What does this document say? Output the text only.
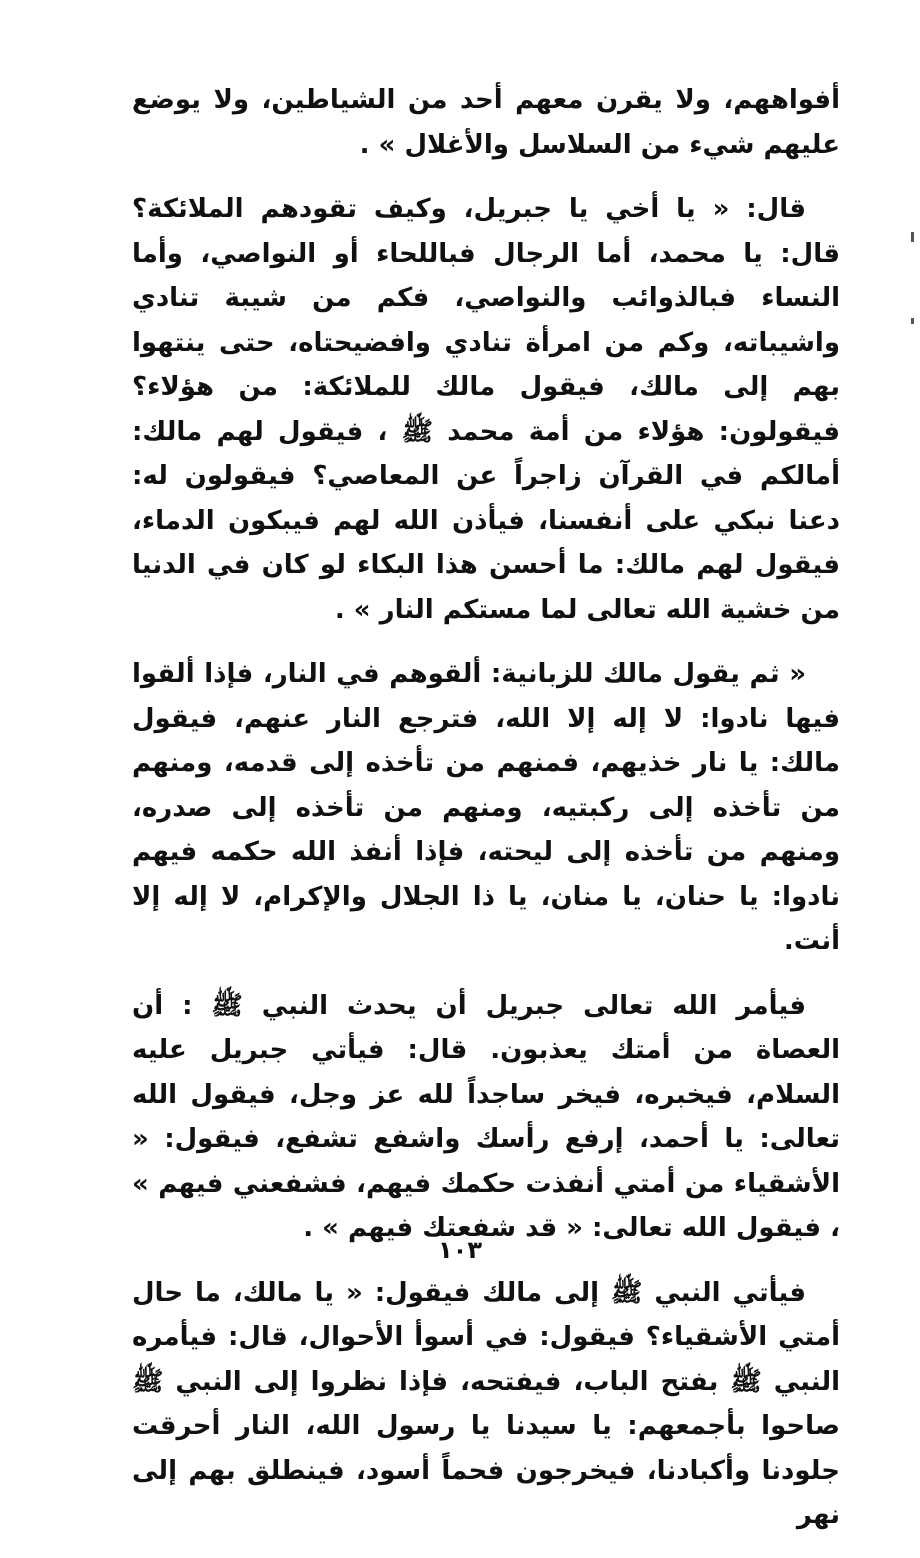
أفواههم، ولا يقرن معهم أحد من الشياطين، ولا يوضع عليهم شيء من السلاسل والأغلال » .

قال: « يا أخي يا جبريل، وكيف تقودهم الملائكة؟ قال: يا محمد، أما الرجال فباللحاء أو النواصي، وأما النساء فبالذوائب والنواصي، فكم من شيبة تنادي واشيباته، وكم من امرأة تنادي وافضيحتاه، حتى ينتهوا بهم إلى مالك، فيقول مالك للملائكة: من هؤلاء؟ فيقولون: هؤلاء من أمة محمد ﷺ ، فيقول لهم مالك: أمالكم في القرآن زاجراً عن المعاصي؟ فيقولون له: دعنا نبكي على أنفسنا، فيأذن الله لهم فيبكون الدماء، فيقول لهم مالك: ما أحسن هذا البكاء لو كان في الدنيا من خشية الله تعالى لما مستكم النار » .

« ثم يقول مالك للزبانية: ألقوهم في النار، فإذا ألقوا فيها نادوا: لا إله إلا الله، فترجع النار عنهم، فيقول مالك: يا نار خذيهم، فمنهم من تأخذه إلى قدمه، ومنهم من تأخذه إلى ركبتيه، ومنهم من تأخذه إلى صدره، ومنهم من تأخذه إلى ليحته، فإذا أنفذ الله حكمه فيهم نادوا: يا حنان، يا منان، يا ذا الجلال والإكرام، لا إله إلا أنت.

فيأمر الله تعالى جبريل أن يحدث النبي ﷺ : أن العصاة من أمتك يعذبون. قال: فيأتي جبريل عليه السلام، فيخبره، فيخر ساجداً لله عز وجل، فيقول الله تعالى: يا أحمد، إرفع رأسك واشفع تشفع، فيقول: « الأشقياء من أمتي أنفذت حكمك فيهم، فشفعني فيهم » ، فيقول الله تعالى: « قد شفعتك فيهم » .

فيأتي النبي ﷺ إلى مالك فيقول: « يا مالك، ما حال أمتي الأشقياء؟ فيقول: في أسوأ الأحوال، قال: فيأمره النبي ﷺ بفتح الباب، فيفتحه، فإذا نظروا إلى النبي ﷺ صاحوا بأجمعهم: يا سيدنا يا رسول الله، النار أحرقت جلودنا وأكبادنا، فيخرجون فحماً أسود، فينطلق بهم إلى نهر

١٠٣
